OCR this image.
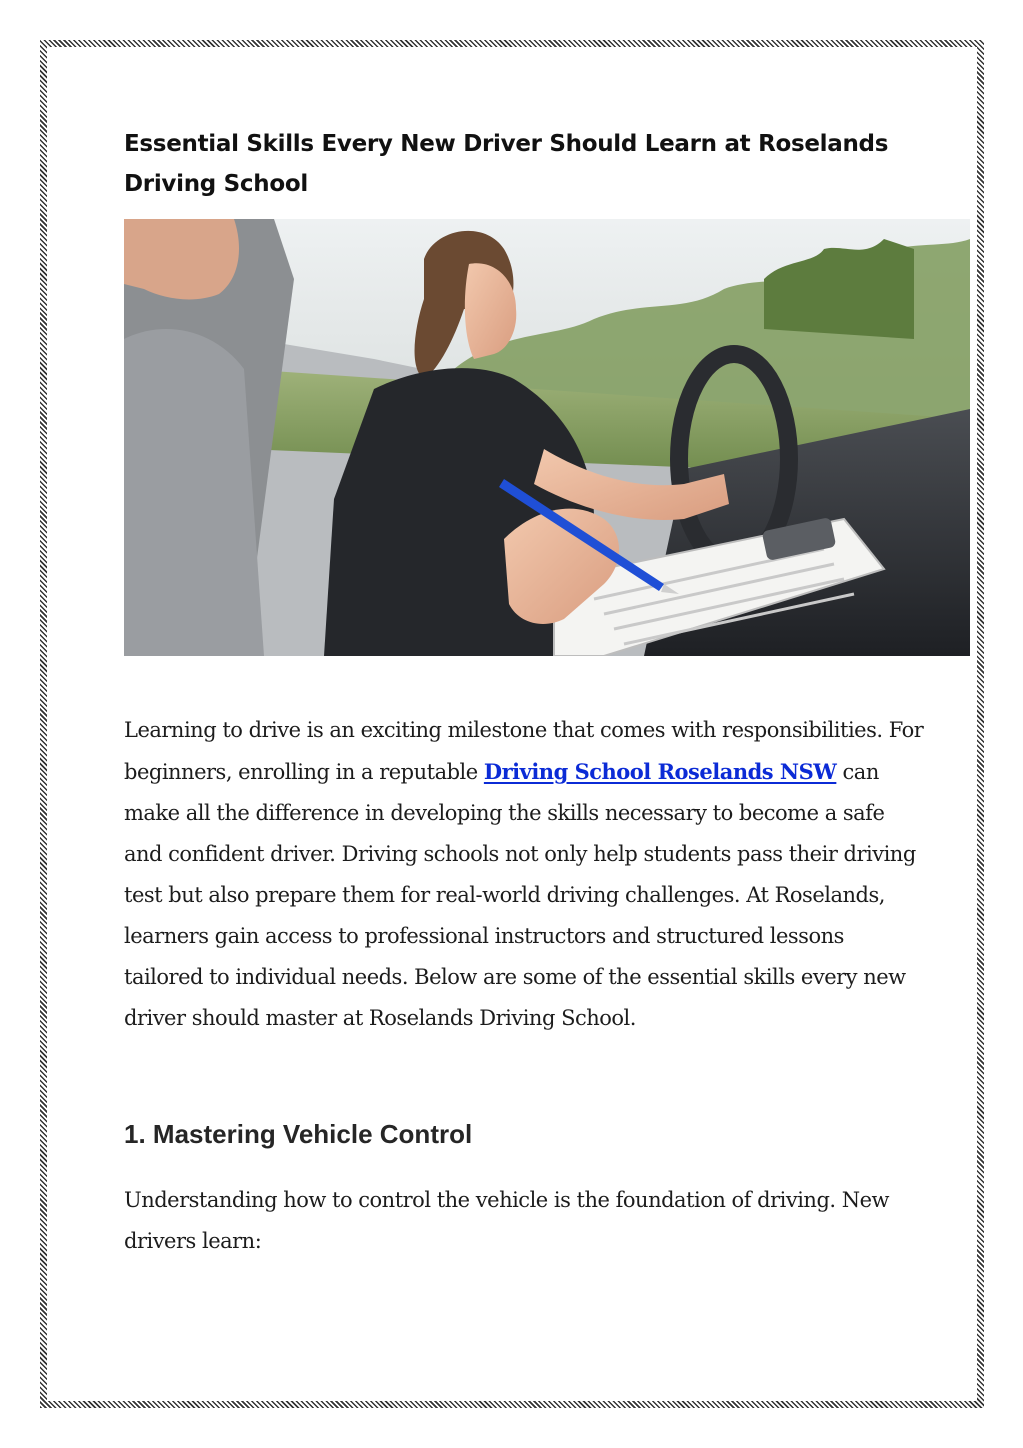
Essential Skills Every New Driver Should Learn at Roselands Driving School

Learning to drive is an exciting milestone that comes with responsibilities. For beginners, enrolling in a reputable Driving School Roselands NSW can make all the difference in developing the skills necessary to become a safe and confident driver. Driving schools not only help students pass their driving test but also prepare them for real-world driving challenges. At Roselands, learners gain access to professional instructors and structured lessons tailored to individual needs. Below are some of the essential skills every new driver should master at Roselands Driving School.

1. Mastering Vehicle Control

Understanding how to control the vehicle is the foundation of driving. New drivers learn:
